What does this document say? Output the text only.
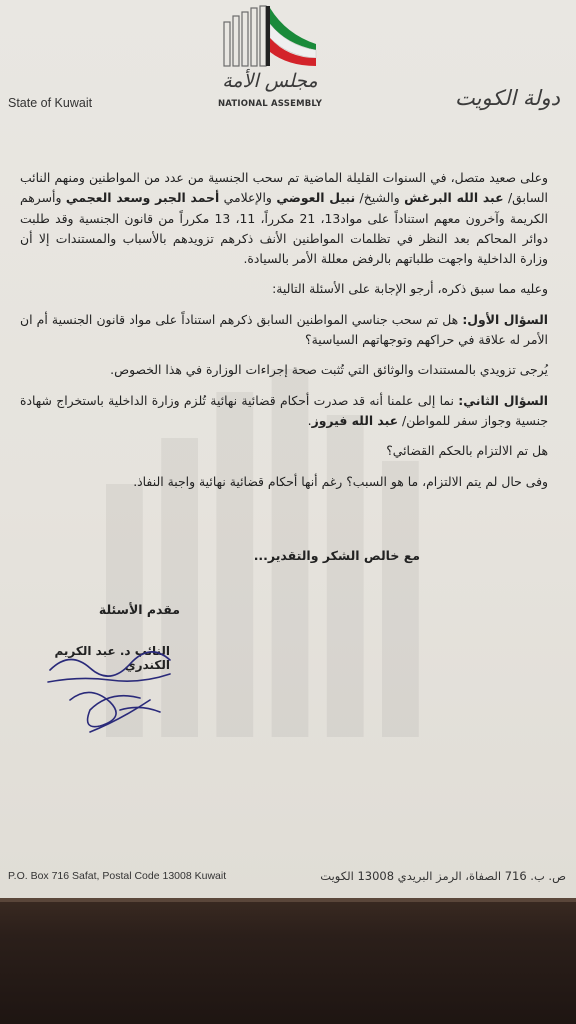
مجلس الأمة
NATIONAL ASSEMBLY
State of Kuwait	دولة الكويت

وعلى صعيد متصل، في السنوات القليلة الماضية تم سحب الجنسية من عدد من المواطنين ومنهم النائب السابق/ عبد الله البرغش والشيخ/ نبيل العوضي والإعلامي أحمد الجبر وسعد العجمي وأسرهم الكريمة وآخرون معهم استناداً على مواد13، 21 مكرراً، 11، 13 مكرراً من قانون الجنسية وقد طلبت دوائر المحاكم بعد النظر في تظلمات المواطنين الأنف ذكرهم تزويدهم بالأسباب والمستندات إلا أن وزارة الداخلية واجهت طلباتهم بالرفض معللة الأمر بالسيادة.

وعليه مما سبق ذكره، أرجو الإجابة على الأسئلة التالية:

السؤال الأول: هل تم سحب جناسي المواطنين السابق ذكرهم استناداً على مواد قانون الجنسية أم ان الأمر له علاقة في حراكهم وتوجهاتهم السياسية؟

يُرجى تزويدي بالمستندات والوثائق التي تُثبت صحة إجراءات الوزارة في هذا الخصوص.

السؤال الثاني: نما إلى علمنا أنه قد صدرت أحكام قضائية نهائية تُلزم وزارة الداخلية باستخراج شهادة جنسية وجواز سفر للمواطن/ عبد الله فيروز.

هل تم الالتزام بالحكم القضائي؟

وفى حال لم يتم الالتزام، ما هو السبب؟ رغم أنها أحكام قضائية نهائية واجبة النفاذ.

مع خالص الشكر والتقدير...
مقدم الأسئلة
النائب د. عبد الكريم الكندري
P.O. Box 716 Safat, Postal Code 13008 Kuwait	ص. ب. 716 الصفاة، الرمز البريدي 13008 الكويت
